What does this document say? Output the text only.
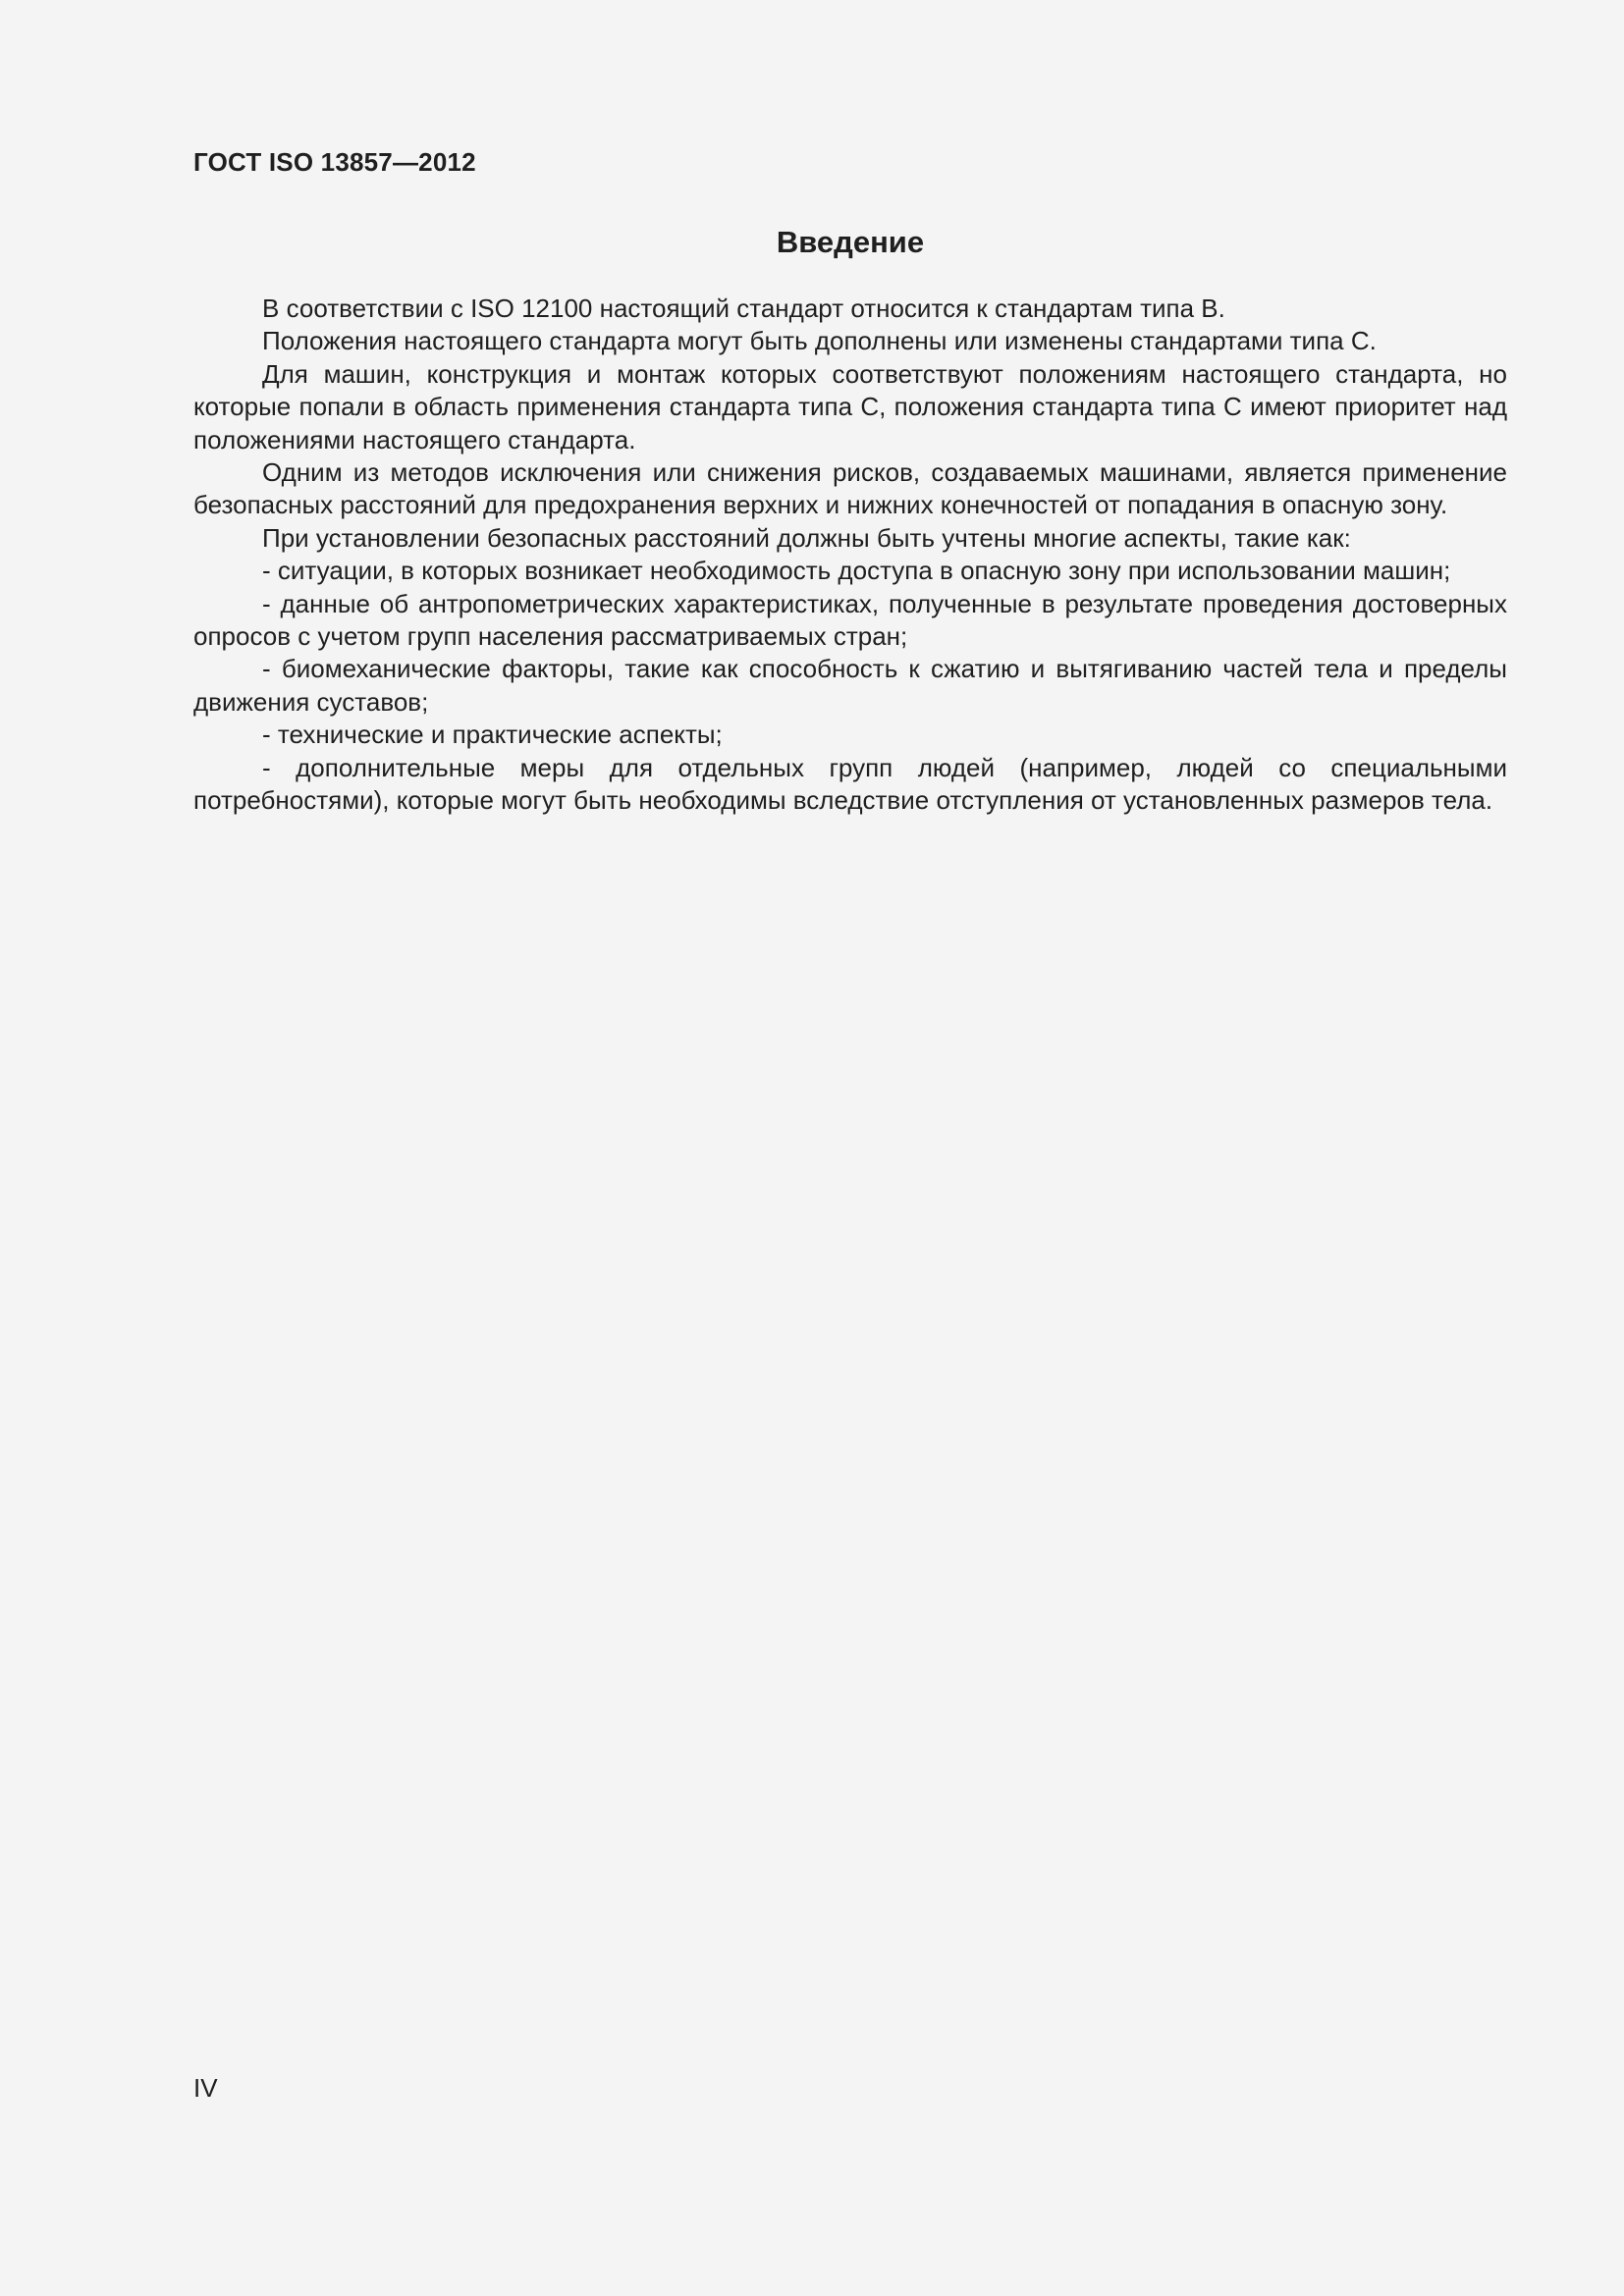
ГОСТ ISO 13857—2012
Введение

В соответствии с ISO 12100 настоящий стандарт относится к стандартам типа В.

Положения настоящего стандарта могут быть дополнены или изменены стандартами типа С.

Для машин, конструкция и монтаж которых соответствуют положениям настоящего стандарта, но которые попали в область применения стандарта типа С, положения стандарта типа С имеют приоритет над положениями настоящего стандарта.

Одним из методов исключения или снижения рисков, создаваемых машинами, является применение безопасных расстояний для предохранения верхних и нижних конечностей от попадания в опасную зону.

При установлении безопасных расстояний должны быть учтены многие аспекты, такие как:

- ситуации, в которых возникает необходимость доступа в опасную зону при использовании машин;

- данные об антропометрических характеристиках, полученные в результате проведения достоверных опросов с учетом групп населения рассматриваемых стран;

- биомеханические факторы, такие как способность к сжатию и вытягиванию частей тела и пределы движения суставов;

- технические и практические аспекты;

- дополнительные меры для отдельных групп людей (например, людей со специальными потребностями), которые могут быть необходимы вследствие отступления от установленных размеров тела.

IV
